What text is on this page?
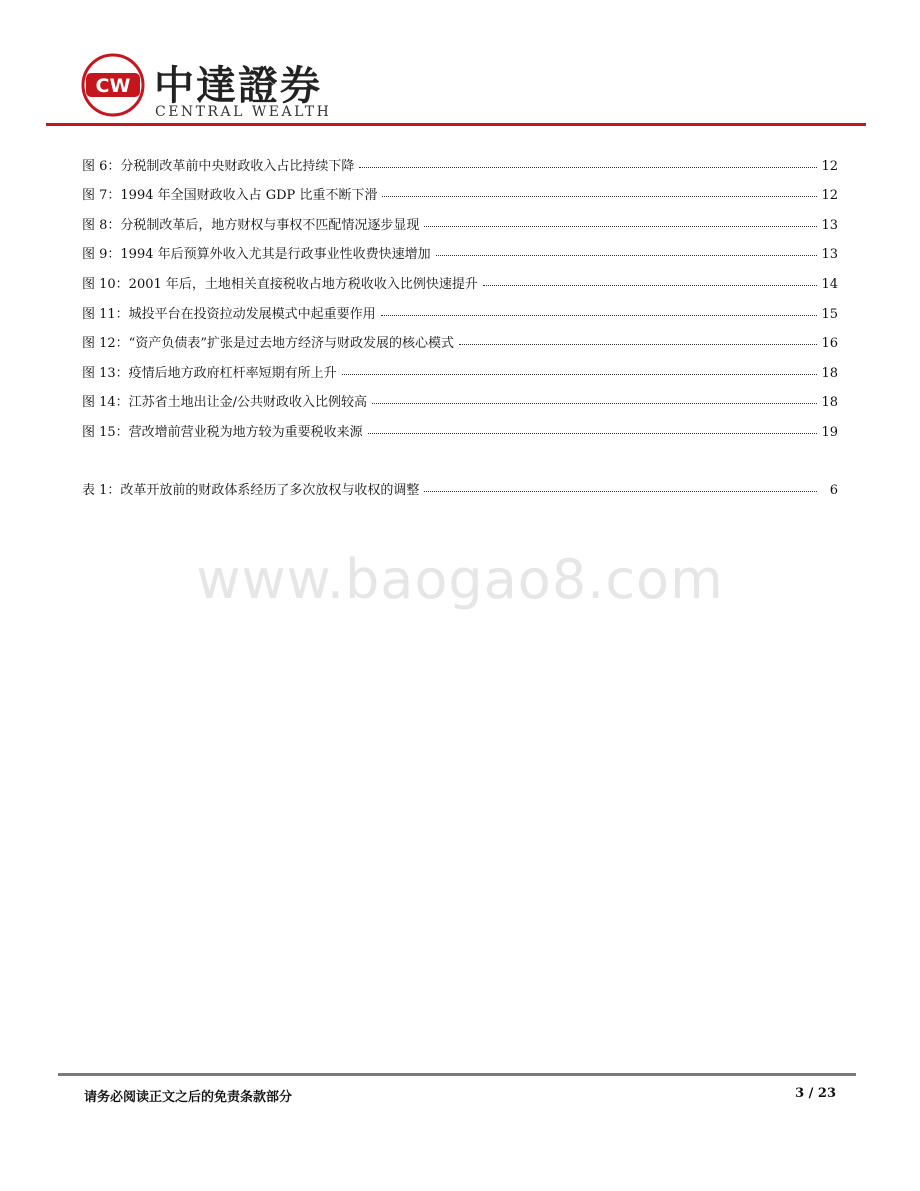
CW 中達證券
CENTRAL WEALTH
图 6：分税制改革前中央财政收入占比持续下降	12
图 7：1994 年全国财政收入占 GDP 比重不断下滑	12
图 8：分税制改革后，地方财权与事权不匹配情况逐步显现	13
图 9：1994 年后预算外收入尤其是行政事业性收费快速增加	13
图 10：2001 年后，土地相关直接税收占地方税收收入比例快速提升	14
图 11：城投平台在投资拉动发展模式中起重要作用	15
图 12：“资产负债表”扩张是过去地方经济与财政发展的核心模式	16
图 13：疫情后地方政府杠杆率短期有所上升	18
图 14：江苏省土地出让金/公共财政收入比例较高	18
图 15：营改增前营业税为地方较为重要税收来源	19
表 1：改革开放前的财政体系经历了多次放权与收权的调整	6
www.baogao8.com
请务必阅读正文之后的免责条款部分	3 / 23
